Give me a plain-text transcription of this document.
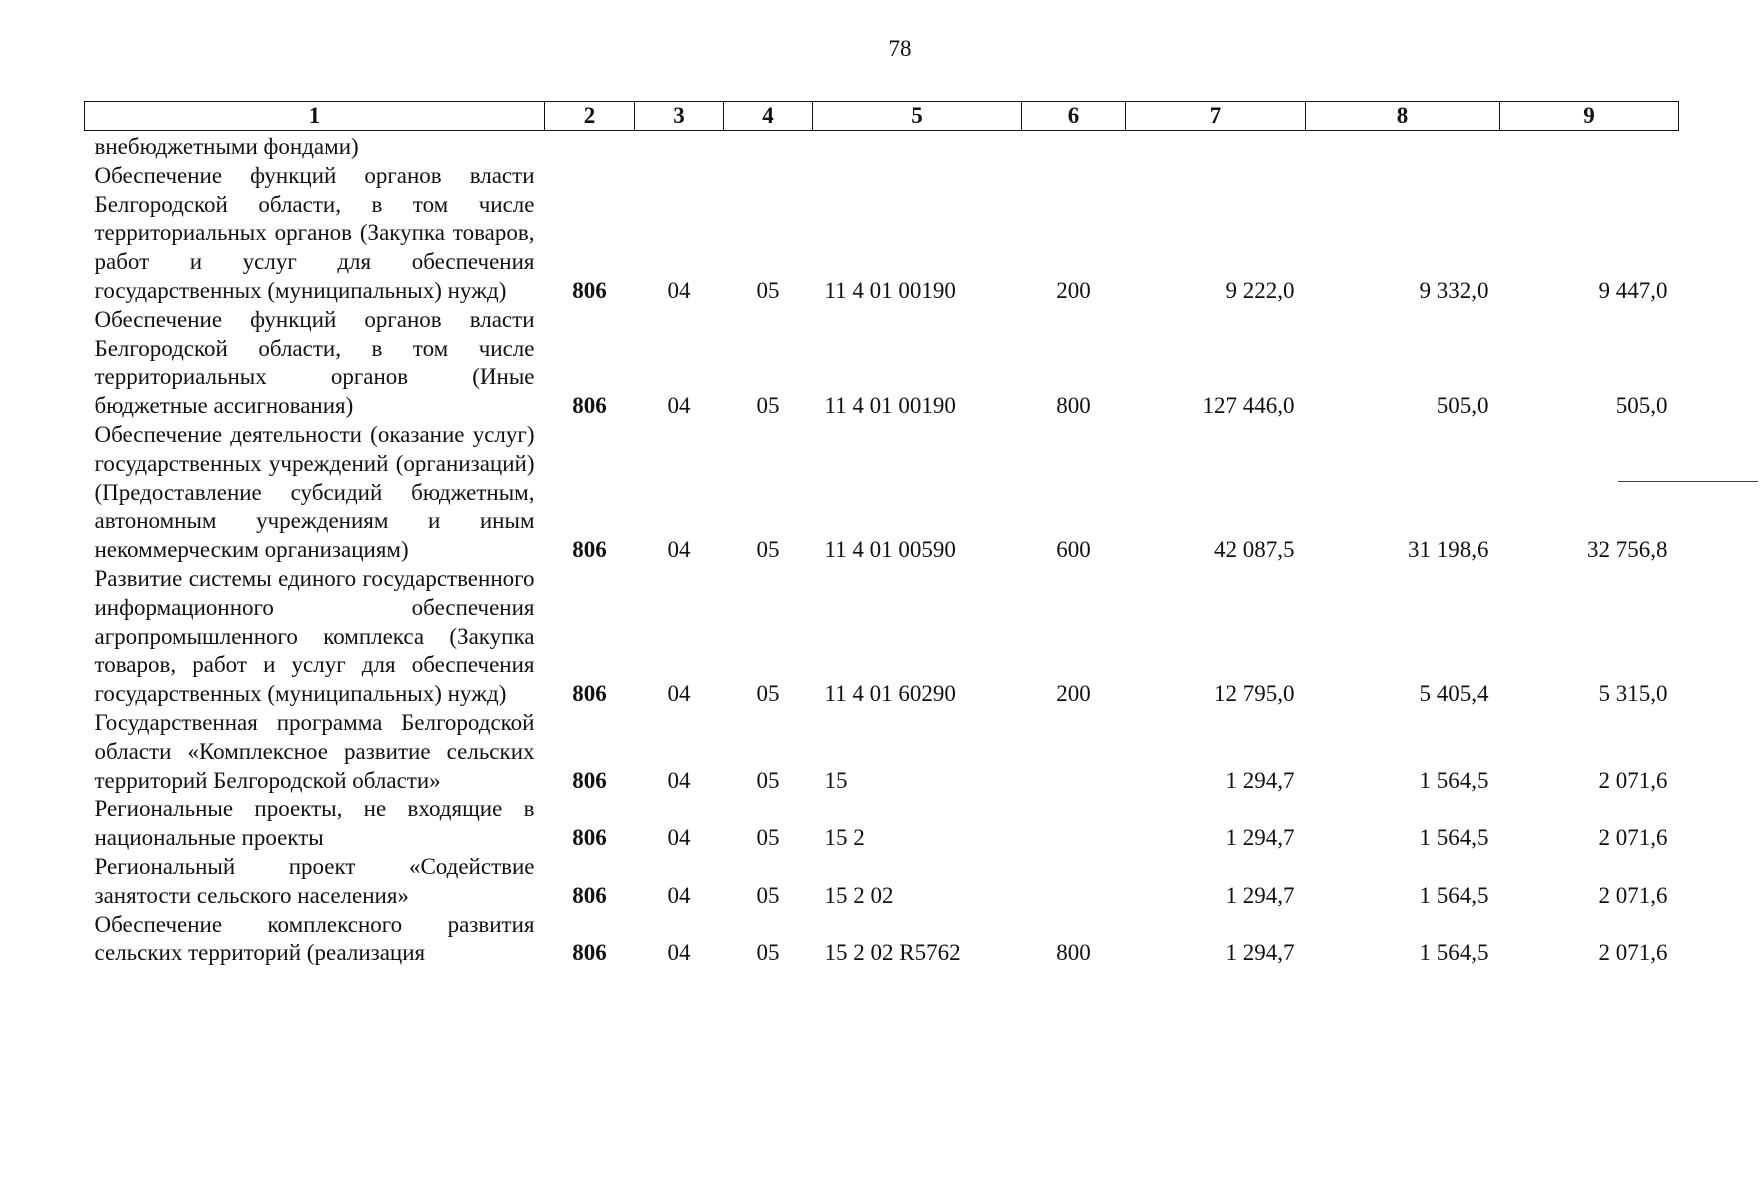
78
1	2	3	4	5	6	7	8	9
внебюджетными фондами)								
Обеспечение функций органов власти Белгородской области, в том числе территориальных органов (Закупка товаров, работ и услуг для обеспечения государственных (муниципальных) нужд)	806	04	05	11 4 01 00190	200	9 222,0	9 332,0	9 447,0
Обеспечение функций органов власти Белгородской области, в том числе территориальных органов (Иные бюджетные ассигнования)	806	04	05	11 4 01 00190	800	127 446,0	505,0	505,0
Обеспечение деятельности (оказание услуг) государственных учреждений (организаций) (Предоставление субсидий бюджетным, автономным учреждениям и иным некоммерческим организациям)	806	04	05	11 4 01 00590	600	42 087,5	31 198,6	32 756,8
Развитие системы единого государственного информационного обеспечения агропромышленного комплекса (Закупка товаров, работ и услуг для обеспечения государственных (муниципальных) нужд)	806	04	05	11 4 01 60290	200	12 795,0	5 405,4	5 315,0
Государственная программа Белгородской области «Комплексное развитие сельских территорий Белгородской области»	806	04	05	15		1 294,7	1 564,5	2 071,6
Региональные проекты, не входящие в национальные проекты	806	04	05	15 2		1 294,7	1 564,5	2 071,6
Региональный проект «Содействие занятости сельского населения»	806	04	05	15 2 02		1 294,7	1 564,5	2 071,6
Обеспечение комплексного развития сельских территорий (реализация	806	04	05	15 2 02 R5762	800	1 294,7	1 564,5	2 071,6
